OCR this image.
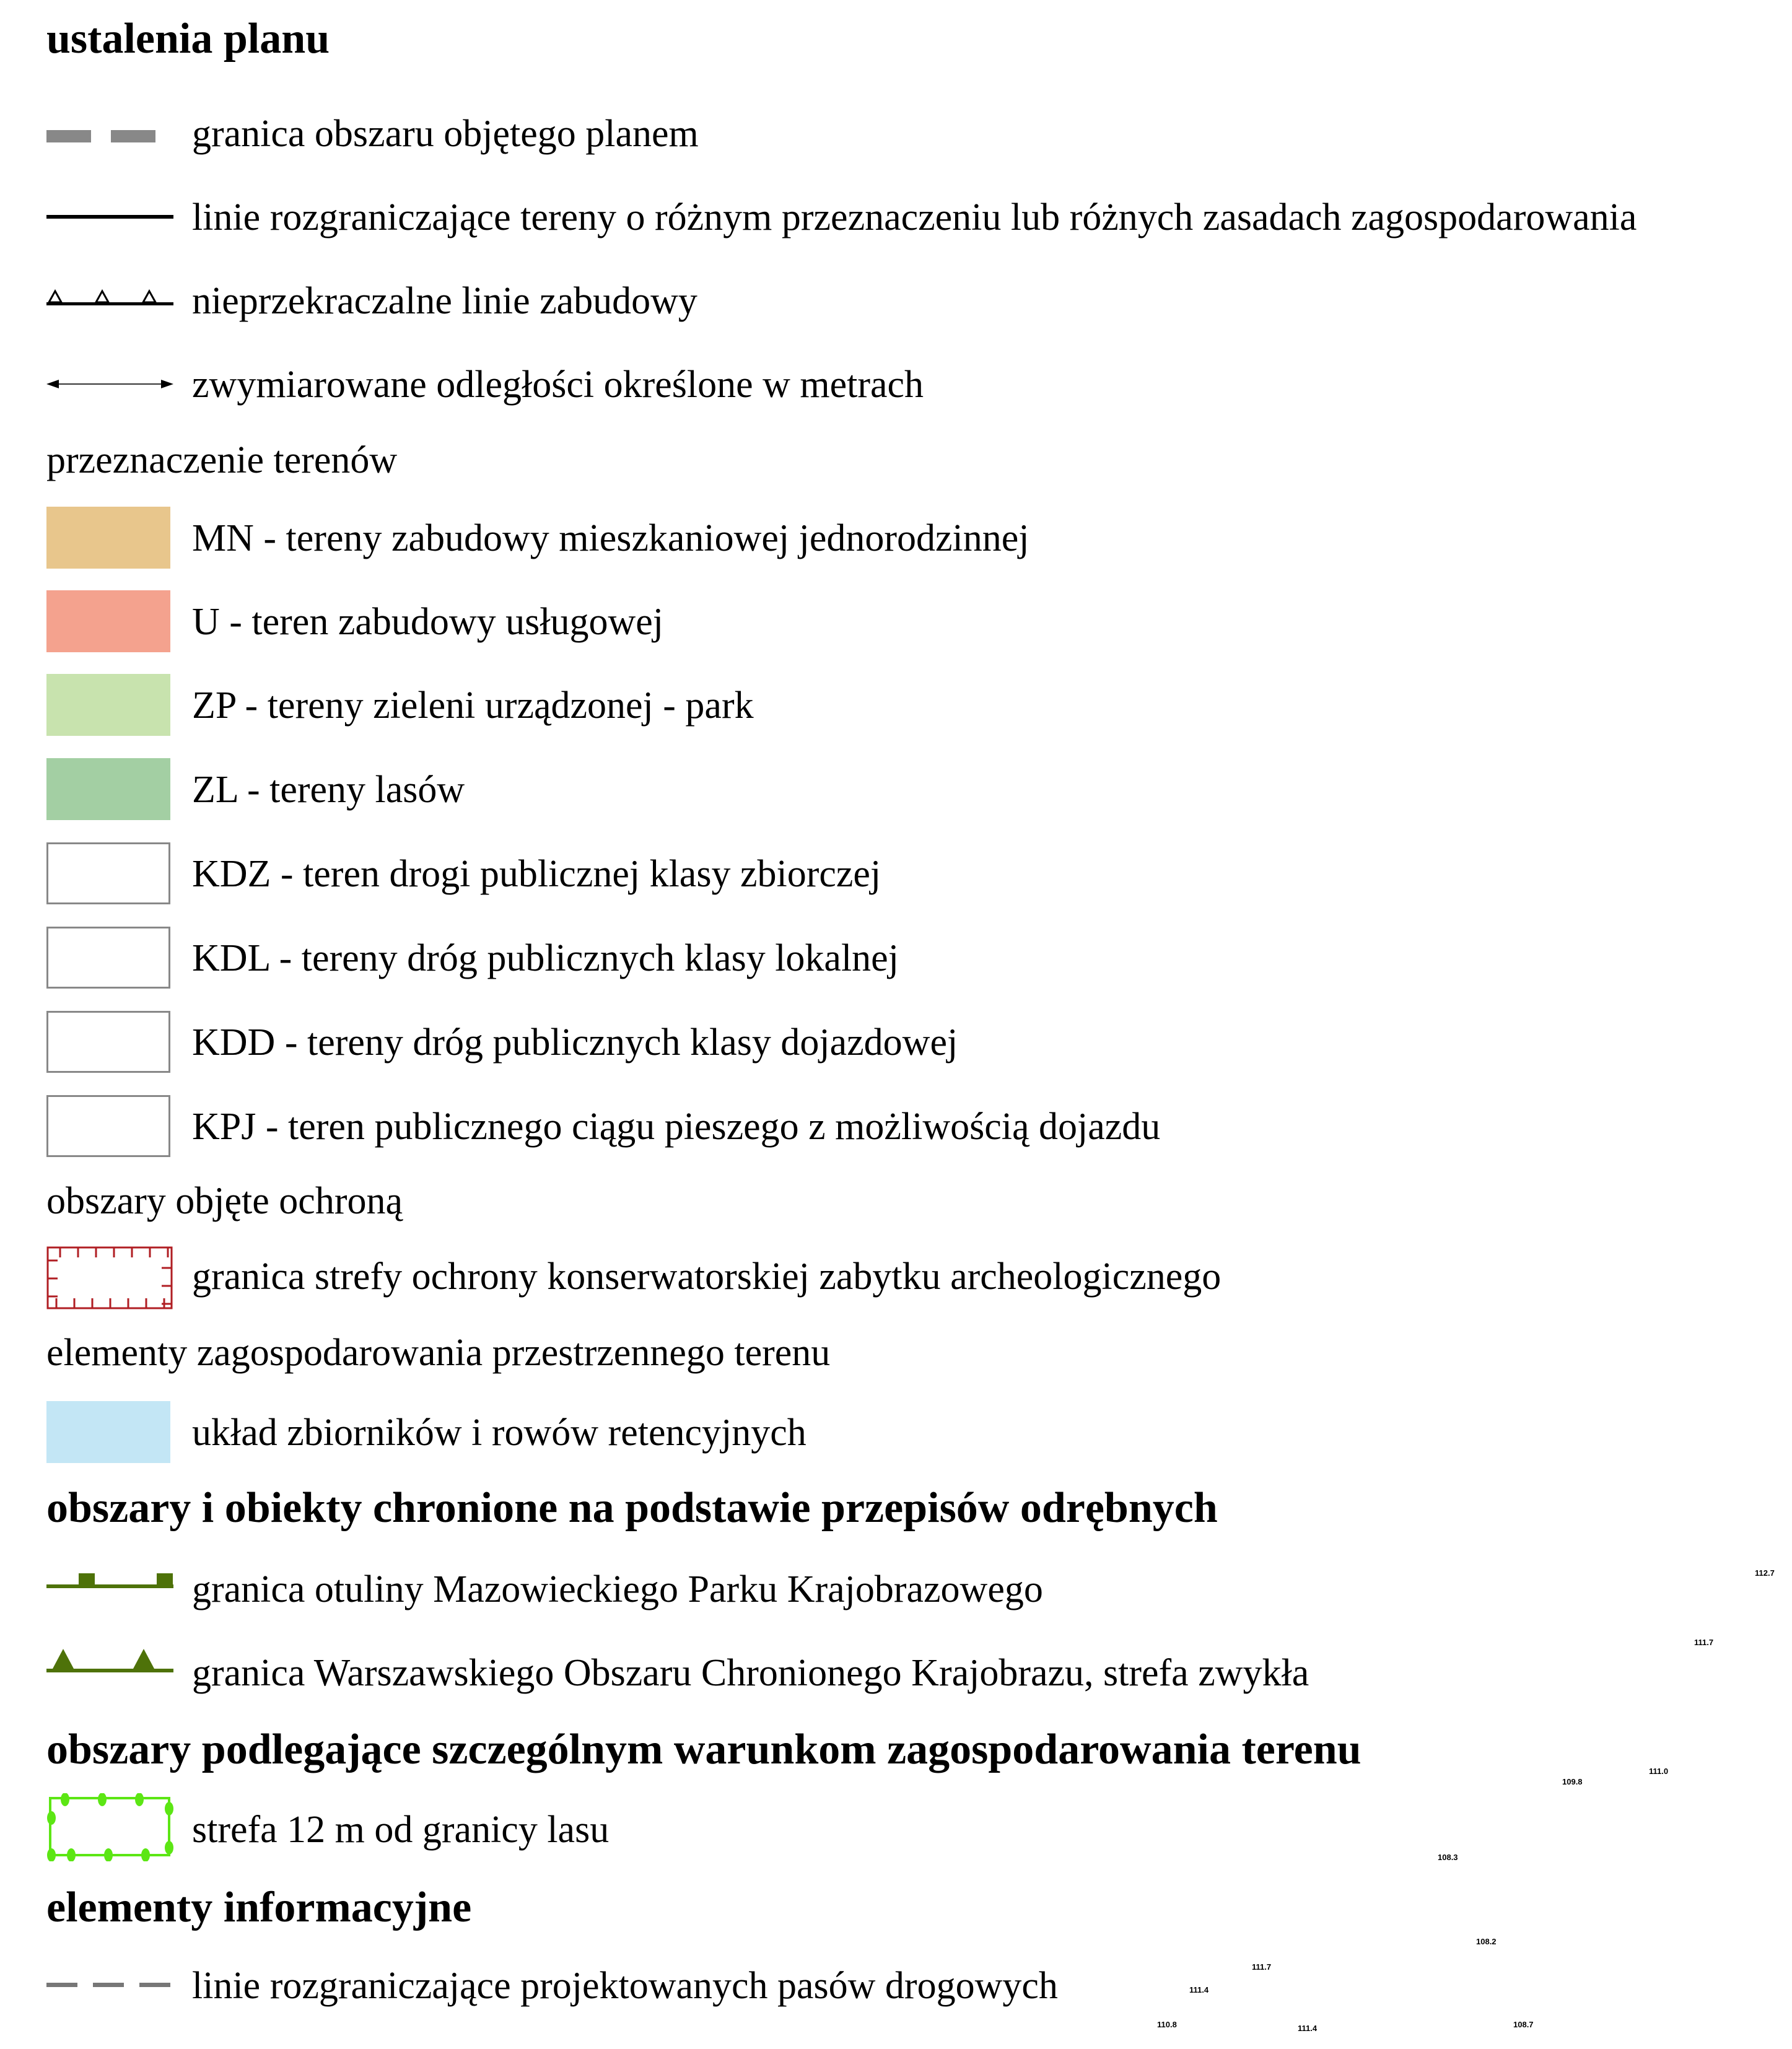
ustalenia planu
granica obszaru objętego planem
linie rozgraniczające tereny o różnym przeznaczeniu lub różnych zasadach zagospodarowania
nieprzekraczalne linie zabudowy
zwymiarowane odległości określone w metrach
przeznaczenie terenów
MN - tereny zabudowy mieszkaniowej jednorodzinnej
U - teren zabudowy usługowej
ZP - tereny zieleni urządzonej - park
ZL - tereny lasów
KDZ - teren drogi publicznej klasy zbiorczej
KDL - tereny dróg publicznych klasy lokalnej
KDD - tereny dróg publicznych klasy dojazdowej
KPJ - teren publicznego ciągu pieszego z możliwością dojazdu
obszary objęte ochroną
granica strefy ochrony konserwatorskiej zabytku archeologicznego
elementy zagospodarowania przestrzennego terenu
układ zbiorników i rowów retencyjnych
obszary i obiekty chronione na podstawie przepisów odrębnych
granica otuliny Mazowieckiego Parku Krajobrazowego
granica Warszawskiego Obszaru Chronionego Krajobrazu, strefa zwykła
obszary podlegające szczególnym warunkom zagospodarowania terenu
strefa 12 m od granicy lasu
elementy informacyjne
linie rozgraniczające projektowanych pasów drogowych
112.7
111.7
109.8
111.0
108.3
108.2
111.7
111.4
110.8	111.4	108.7
